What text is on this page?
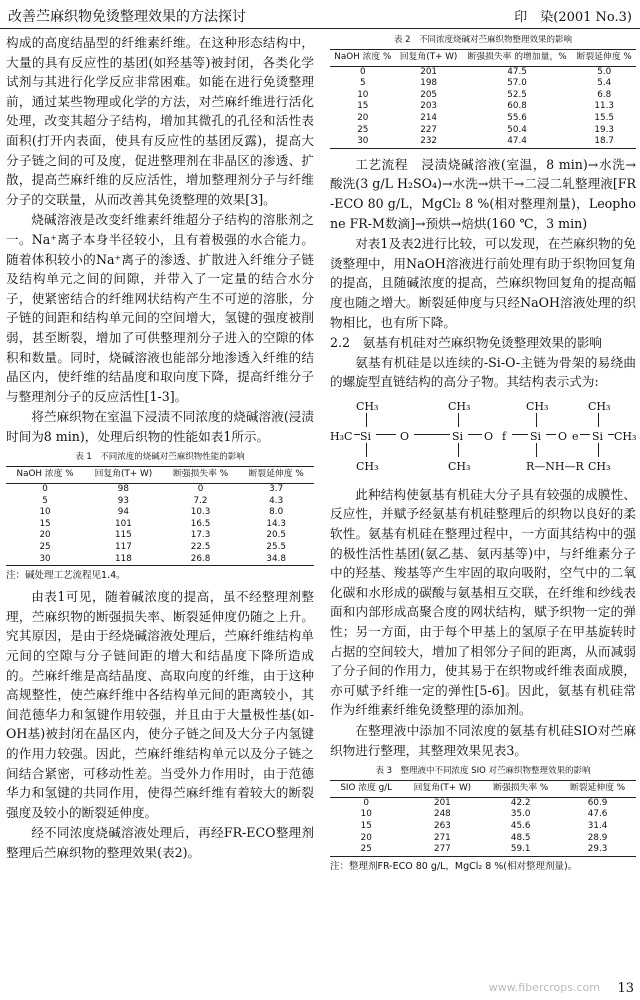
改善苎麻织物免烫整理效果的方法探讨	印　染(2001 No.3)

构成的高度结晶型的纤维素纤维。在这种形态结构中，大量的具有反应性的基团(如羟基等)被封闭，各类化学试剂与其进行化学反应非常困难。如能在进行免烫整理前，通过某些物理或化学的方法，对苎麻纤维进行活化处理，改变其超分子结构，增加其微孔的孔径和活性表面积(打开内表面，使具有反应性的基团反露)，提高大分子链之间的可及度，促进整理剂在非晶区的渗透、扩散，提高苎麻纤维的反应活性，增加整理剂分子与纤维分子的交联量，从而改善其免烫整理的效果[3]。

烧碱溶液是改变纤维素纤维超分子结构的溶胀剂之一。Na⁺离子本身半径较小，且有着极强的水合能力。随着体积较小的Na⁺离子的渗透、扩散进入纤维分子链及结构单元之间的间隙，并带入了一定量的结合水分子，使紧密结合的纤维网状结构产生不可逆的溶胀，分子链的间距和结构单元间的空间增大，氢键的强度被削弱，甚至断裂，增加了可供整理剂分子进入的空隙的体积和数量。同时，烧碱溶液也能部分地渗透入纤维的结晶区内，使纤维的结晶度和取向度下降，提高纤维分子与整理剂分子的反应活性[1-3]。

将苎麻织物在室温下浸渍不同浓度的烧碱溶液(浸渍时间为8 min)，处理后织物的性能如表1所示。

表 1　不同浓度的烧碱对苎麻织物性能的影响
NaOH 浓度 %	回复角(T+ W)	断强损失率 %	断裂延伸度 %
0	98	0	3.7
5	93	7.2	4.3
10	94	10.3	8.0
15	101	16.5	14.3
20	115	17.3	20.5
25	117	22.5	25.5
30	118	26.8	34.8
注：碱处理工艺流程见1.4。

由表1可见，随着碱浓度的提高，虽不经整理剂整理，苎麻织物的断强损失率、断裂延伸度仍随之上升。究其原因，是由于经烧碱溶液处理后，苎麻纤维结构单元间的空隙与分子链间距的增大和结晶度下降所造成的。苎麻纤维是高结晶度、高取向度的纤维，由于这种高规整性，使苎麻纤维中各结构单元间的距离较小，其间范德华力和氢键作用较强，并且由于大量极性基(如-OH基)被封闭在晶区内，使分子链之间及大分子内氢键的作用力较强。因此，苎麻纤维结构单元以及分子链之间结合紧密，可移动性差。当受外力作用时，由于范德华力和氢键的共同作用，使得苎麻纤维有着较大的断裂强度及较小的断裂延伸度。

经不同浓度烧碱溶液处理后，再经FR-ECO整理剂整理后苎麻织物的整理效果(表2)。

表 2　不同浓度烧碱对苎麻织物整理效果的影响
NaOH 浓度 %	回复角(T+ W)	断强损失率 的增加量，%	断裂延伸度 %
0	201	47.5	5.0
5	198	57.0	5.4
10	205	52.5	6.8
15	203	60.8	11.3
20	214	55.6	15.5
25	227	50.4	19.3
30	232	47.4	18.7

工艺流程　浸渍烧碱溶液(室温，8 min)→水洗→酸洗(3 g/L H₂SO₄)→水洗→烘干→二浸二轧整理液[FR-ECO 80 g/L，MgCl₂ 8 %(相对整理剂量)，Leophone FR-M数滴]→预烘→焙烘(160 ℃，3 min)

对表1及表2进行比较，可以发现，在苎麻织物的免烫整理中，用NaOH溶液进行前处理有助于织物回复角的提高，且随碱浓度的提高，苎麻织物回复角的提高幅度也随之增大。断裂延伸度与只经NaOH溶液处理的织物相比，也有所下降。

2.2　氨基有机硅对苎麻织物免烫整理效果的影响

氨基有机硅是以连续的-Si-O-主链为骨架的易绕曲的螺旋型直链结构的高分子物。其结构表示式为:

CH₃	CH₃	CH₃	CH₃
H₃C Si	O	Si O f Si O e Si CH₃
CH₃	CH₃	R—NH—R CH₃

此种结构使氨基有机硅大分子具有较强的成膜性、反应性，并赋予经氨基有机硅整理后的织物以良好的柔软性。氨基有机硅在整理过程中，一方面其结构中的强的极性活性基团(氨乙基、氨丙基等)中，与纤维素分子中的羟基、羧基等产生牢固的取向吸附，空气中的二氧化碳和水形成的碳酸与氨基相互交联，在纤维和纱线表面和内部形成高聚合度的网状结构，赋予织物一定的弹性；另一方面，由于每个甲基上的氢原子在甲基旋转时占据的空间较大，增加了相邻分子间的距离，从而减弱了分子间的作用力，使其易于在织物或纤维表面成膜，亦可赋予纤维一定的弹性[5-6]。因此，氨基有机硅常作为纤维素纤维免烫整理的添加剂。

在整理液中添加不同浓度的氨基有机硅SIO对苎麻织物进行整理，其整理效果见表3。

表 3　整理液中不同浓度 SIO 对苎麻织物整理效果的影响
SIO 浓度 g/L	回复角(T+ W)	断强损失率 %	断裂延伸度 %
0	201	42.2	60.9
10	248	35.0	47.6
15	263	45.6	31.4
20	271	48.5	28.9
25	277	59.1	29.3
注：整理剂FR-ECO 80 g/L，MgCl₂ 8 %(相对整理剂量)。
www.fibercrops.com 13
